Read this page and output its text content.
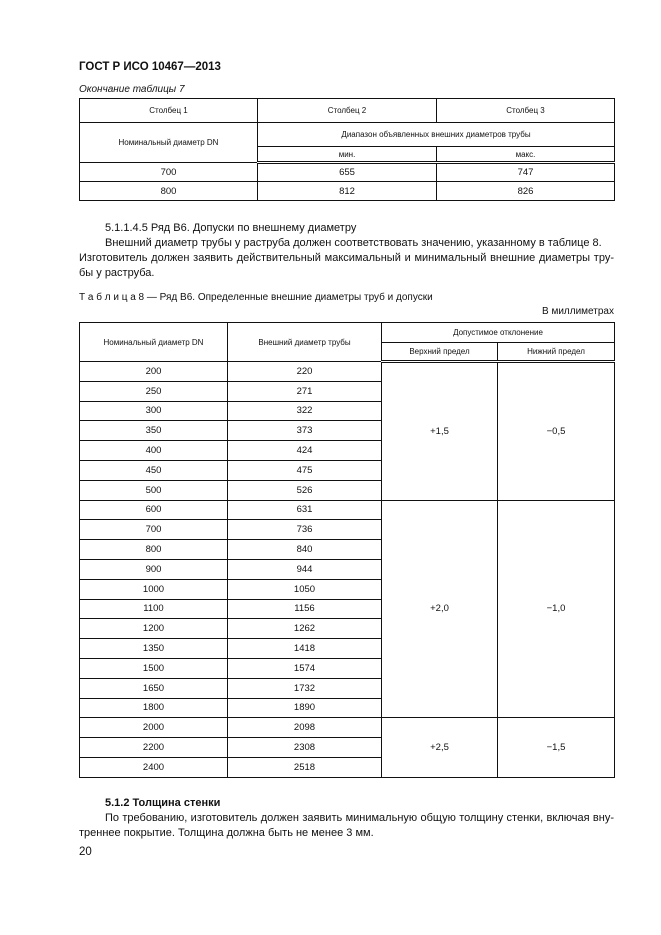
ГОСТ Р ИСО 10467—2013
Окончание таблицы 7
Столбец 1	Столбец 2	Столбец 3
Номинальный диаметр DN	Диапазон объявленных внешних диаметров трубы	
	мин.	макс.
700	655	747
800	812	826
5.1.1.4.5 Ряд В6. Допуски по внешнему диаметру
Внешний диаметр трубы у раструба должен соответствовать значению, указанному в таблице 8.
Изготовитель должен заявить действительный максимальный и минимальный внешние диаметры тру-
бы у раструба.
Т а б л и ц а 8 — Ряд В6. Определенные внешние диаметры труб и допуски
В миллиметрах
Номинальный диаметр DN	Внешний диаметр трубы	Допустимое отклонение	
		Верхний предел	Нижний предел
200	220	+1,5	−0,5
250	271		
300	322		
350	373		
400	424		
450	475		
500	526		
600	631	+2,0	−1,0
700	736		
800	840		
900	944		
1000	1050		
1100	1156		
1200	1262		
1350	1418		
1500	1574		
1650	1732		
1800	1890		
2000	2098	+2,5	−1,5
2200	2308		
2400	2518		
5.1.2 Толщина стенки
По требованию, изготовитель должен заявить минимальную общую толщину стенки, включая вну-
треннее покрытие. Толщина должна быть не менее 3 мм.
20
